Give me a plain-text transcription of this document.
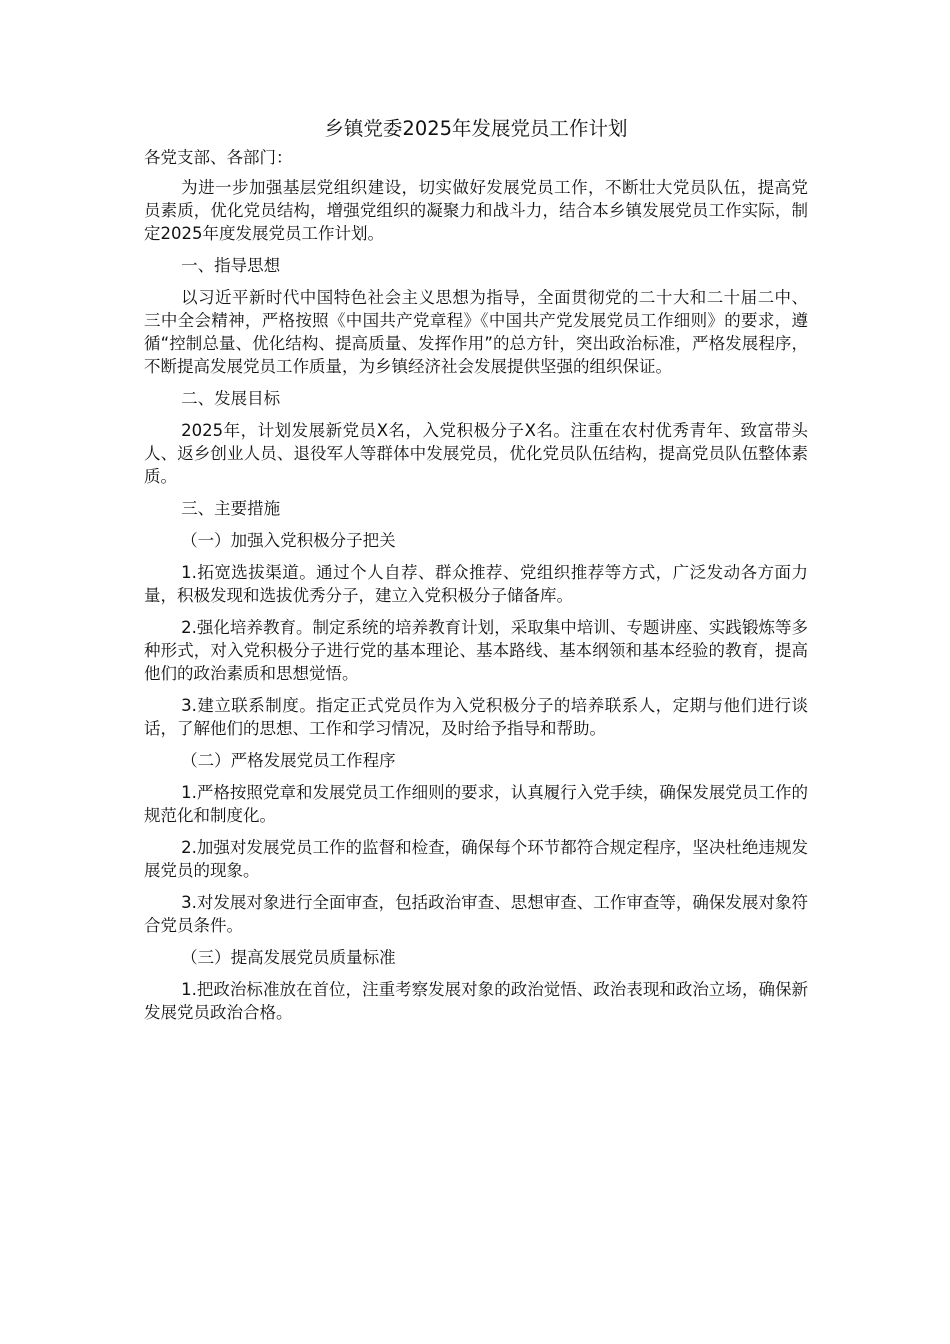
乡镇党委2025年发展党员工作计划
各党支部、各部门：

为进一步加强基层党组织建设，切实做好发展党员工作，不断壮大党员队伍，提高党员素质，优化党员结构，增强党组织的凝聚力和战斗力，结合本乡镇发展党员工作实际，制定2025年度发展党员工作计划。

一、指导思想

以习近平新时代中国特色社会主义思想为指导，全面贯彻党的二十大和二十届二中、三中全会精神，严格按照《中国共产党章程》《中国共产党发展党员工作细则》的要求，遵循“控制总量、优化结构、提高质量、发挥作用”的总方针，突出政治标准，严格发展程序，不断提高发展党员工作质量，为乡镇经济社会发展提供坚强的组织保证。

二、发展目标

2025年，计划发展新党员X名，入党积极分子X名。注重在农村优秀青年、致富带头人、返乡创业人员、退役军人等群体中发展党员，优化党员队伍结构，提高党员队伍整体素质。

三、主要措施

（一）加强入党积极分子把关

1.拓宽选拔渠道。通过个人自荐、群众推荐、党组织推荐等方式，广泛发动各方面力量，积极发现和选拔优秀分子，建立入党积极分子储备库。

2.强化培养教育。制定系统的培养教育计划，采取集中培训、专题讲座、实践锻炼等多种形式，对入党积极分子进行党的基本理论、基本路线、基本纲领和基本经验的教育，提高他们的政治素质和思想觉悟。

3.建立联系制度。指定正式党员作为入党积极分子的培养联系人，定期与他们进行谈话，了解他们的思想、工作和学习情况，及时给予指导和帮助。

（二）严格发展党员工作程序

1.严格按照党章和发展党员工作细则的要求，认真履行入党手续，确保发展党员工作的规范化和制度化。

2.加强对发展党员工作的监督和检查，确保每个环节都符合规定程序，坚决杜绝违规发展党员的现象。

3.对发展对象进行全面审查，包括政治审查、思想审查、工作审查等，确保发展对象符合党员条件。

（三）提高发展党员质量标准

1.把政治标准放在首位，注重考察发展对象的政治觉悟、政治表现和政治立场，确保新发展党员政治合格。
